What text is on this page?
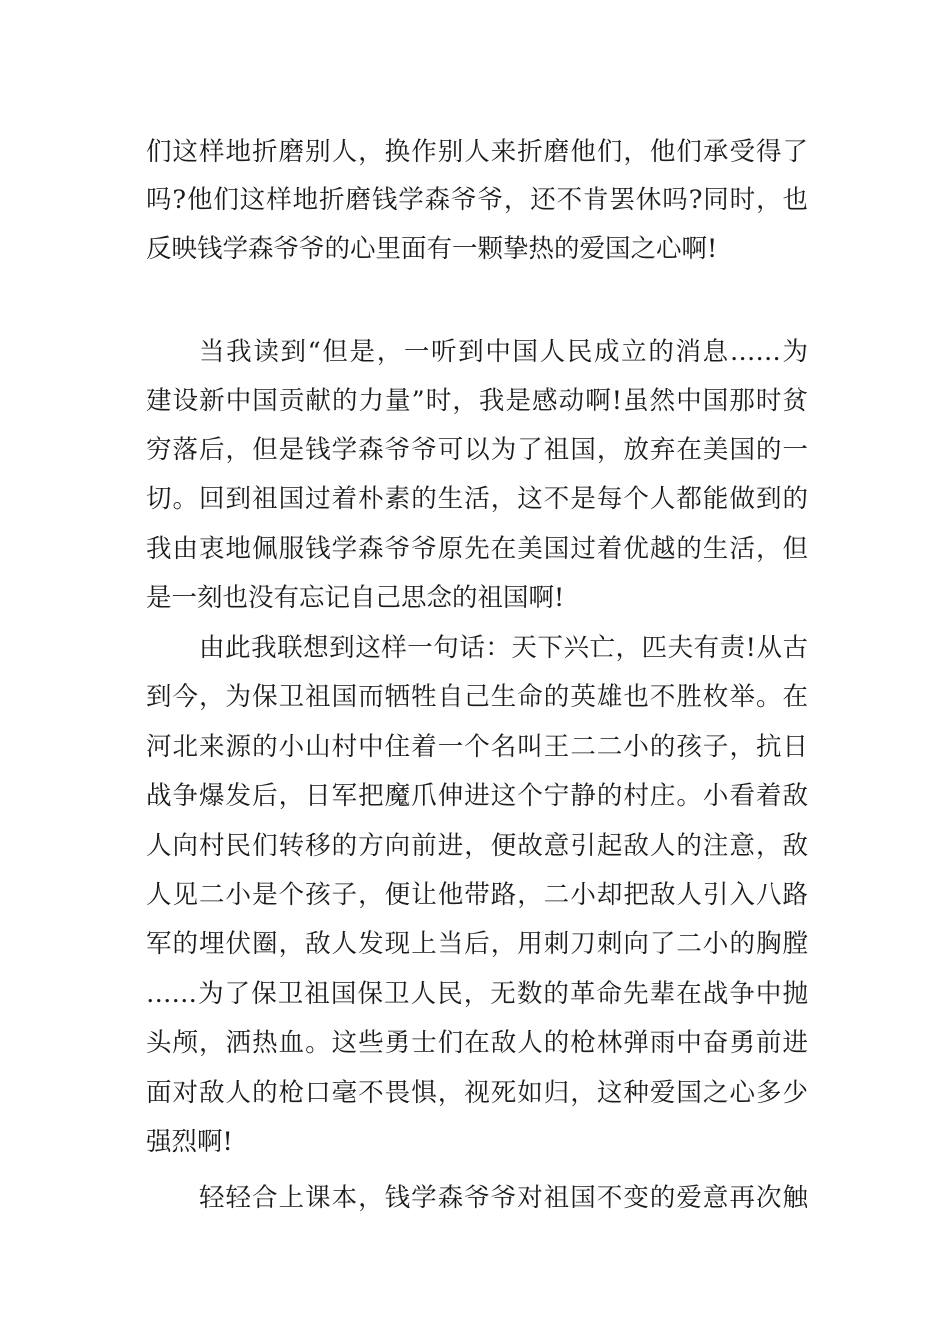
们这样地折磨别人，换作别人来折磨他们，他们承受得了
吗?他们这样地折磨钱学森爷爷，还不肯罢休吗?同时，也
反映钱学森爷爷的心里面有一颗挚热的爱国之心啊!
当我读到“但是，一听到中国人民成立的消息……为
建设新中国贡献的力量”时，我是感动啊!虽然中国那时贫
穷落后，但是钱学森爷爷可以为了祖国，放弃在美国的一
切。回到祖国过着朴素的生活，这不是每个人都能做到的
我由衷地佩服钱学森爷爷原先在美国过着优越的生活，但
是一刻也没有忘记自己思念的祖国啊!
由此我联想到这样一句话：天下兴亡，匹夫有责!从古
到今，为保卫祖国而牺牲自己生命的英雄也不胜枚举。在
河北来源的小山村中住着一个名叫王二二小的孩子，抗日
战争爆发后，日军把魔爪伸进这个宁静的村庄。小看着敌
人向村民们转移的方向前进，便故意引起敌人的注意，敌
人见二小是个孩子，便让他带路，二小却把敌人引入八路
军的埋伏圈，敌人发现上当后，用刺刀刺向了二小的胸膛
……为了保卫祖国保卫人民，无数的革命先辈在战争中抛
头颅，洒热血。这些勇士们在敌人的枪林弹雨中奋勇前进
面对敌人的枪口毫不畏惧，视死如归，这种爱国之心多少
强烈啊!
轻轻合上课本，钱学森爷爷对祖国不变的爱意再次触
